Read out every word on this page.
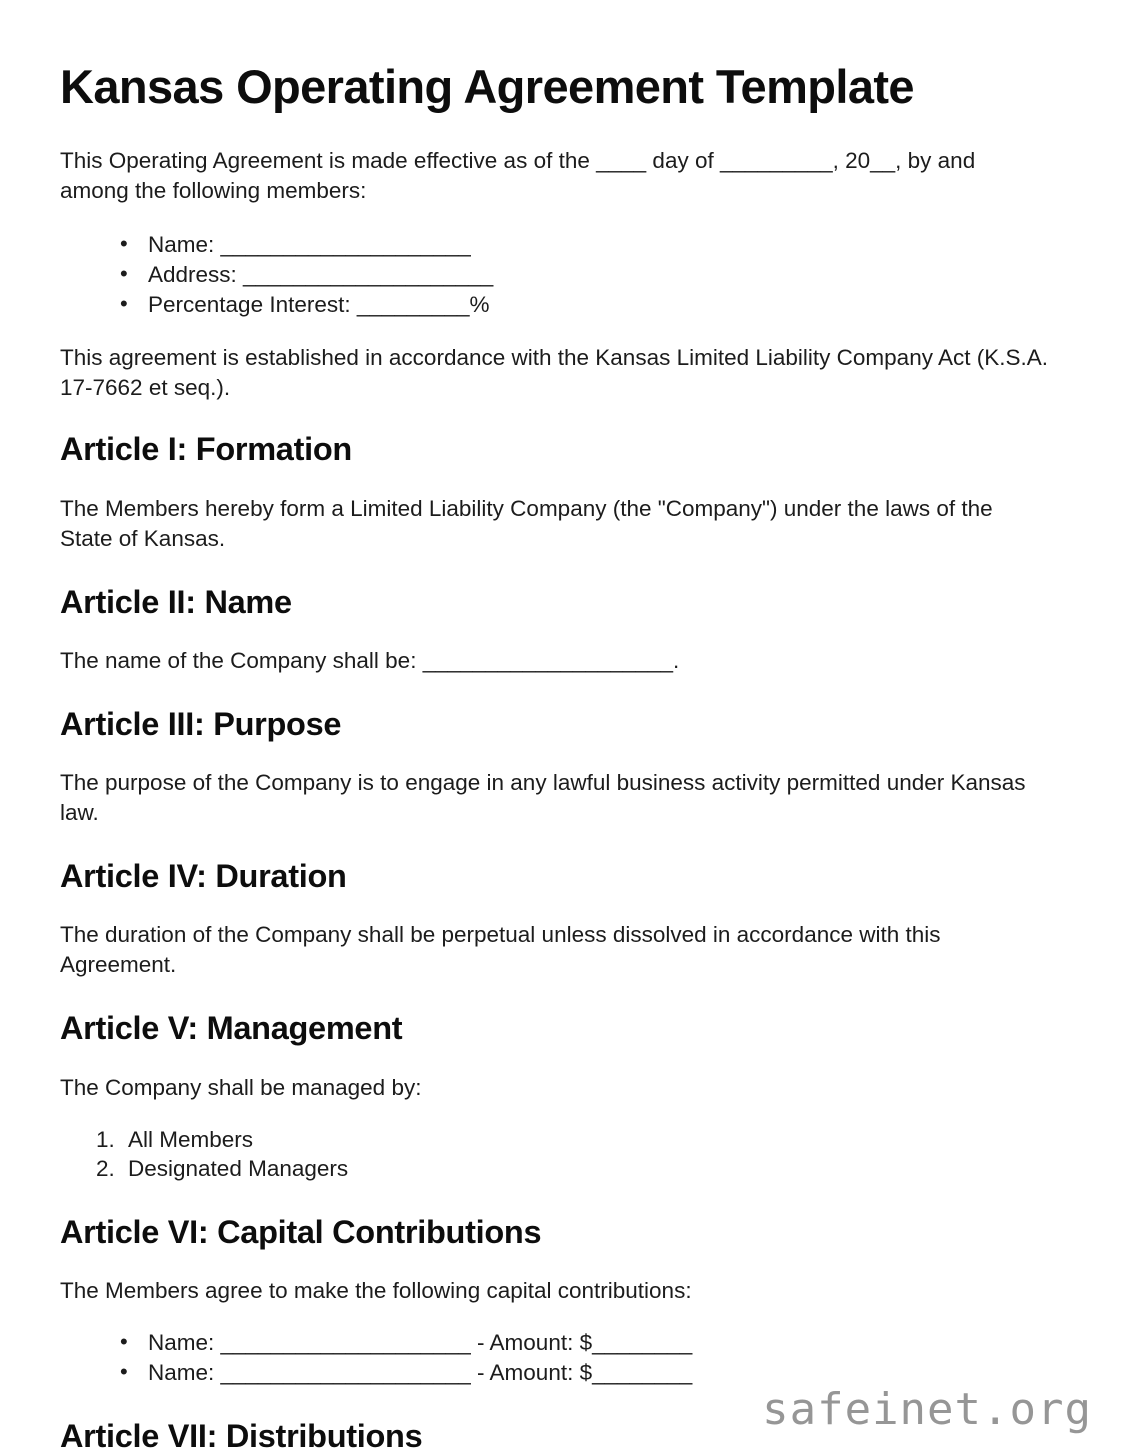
Kansas Operating Agreement Template

This Operating Agreement is made effective as of the ____ day of _________, 20__, by and among the following members:

• Name: ____________________
• Address: ____________________
• Percentage Interest: _________%

This agreement is established in accordance with the Kansas Limited Liability Company Act (K.S.A. 17-7662 et seq.).

Article I: Formation

The Members hereby form a Limited Liability Company (the "Company") under the laws of the State of Kansas.

Article II: Name

The name of the Company shall be: ____________________.

Article III: Purpose

The purpose of the Company is to engage in any lawful business activity permitted under Kansas law.

Article IV: Duration

The duration of the Company shall be perpetual unless dissolved in accordance with this Agreement.

Article V: Management

The Company shall be managed by:

All Members
Designated Managers
Article VI: Capital Contributions

The Members agree to make the following capital contributions:

• Name: ____________________ - Amount: $________
• Name: ____________________ - Amount: $________
Article VII: Distributions
safeinet.org
